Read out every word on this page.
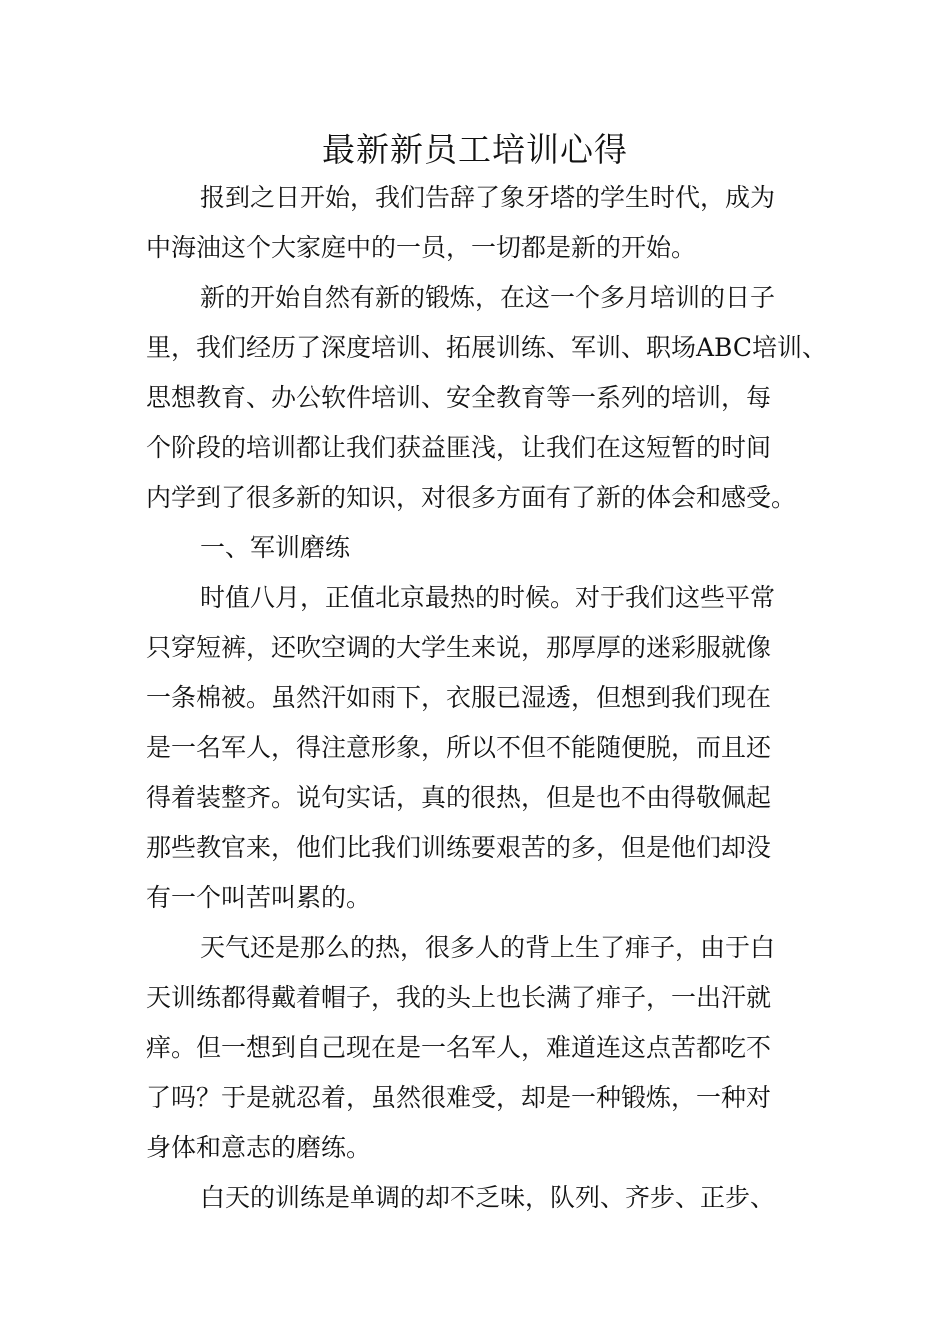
最新新员工培训心得

报到之日开始，我们告辞了象牙塔的学生时代，成为

中海油这个大家庭中的一员，一切都是新的开始。

新的开始自然有新的锻炼，在这一个多月培训的日子

里，我们经历了深度培训、拓展训练、军训、职场ABC培训、

思想教育、办公软件培训、安全教育等一系列的培训，每

个阶段的培训都让我们获益匪浅，让我们在这短暂的时间

内学到了很多新的知识，对很多方面有了新的体会和感受。

一、军训磨练

时值八月，正值北京最热的时候。对于我们这些平常

只穿短裤，还吹空调的大学生来说，那厚厚的迷彩服就像

一条棉被。虽然汗如雨下，衣服已湿透，但想到我们现在

是一名军人，得注意形象，所以不但不能随便脱，而且还

得着装整齐。说句实话，真的很热，但是也不由得敬佩起

那些教官来，他们比我们训练要艰苦的多，但是他们却没

有一个叫苦叫累的。

天气还是那么的热，很多人的背上生了痱子，由于白

天训练都得戴着帽子，我的头上也长满了痱子，一出汗就

痒。但一想到自己现在是一名军人，难道连这点苦都吃不

了吗？于是就忍着，虽然很难受，却是一种锻炼，一种对

身体和意志的磨练。

白天的训练是单调的却不乏味，队列、齐步、正步、
